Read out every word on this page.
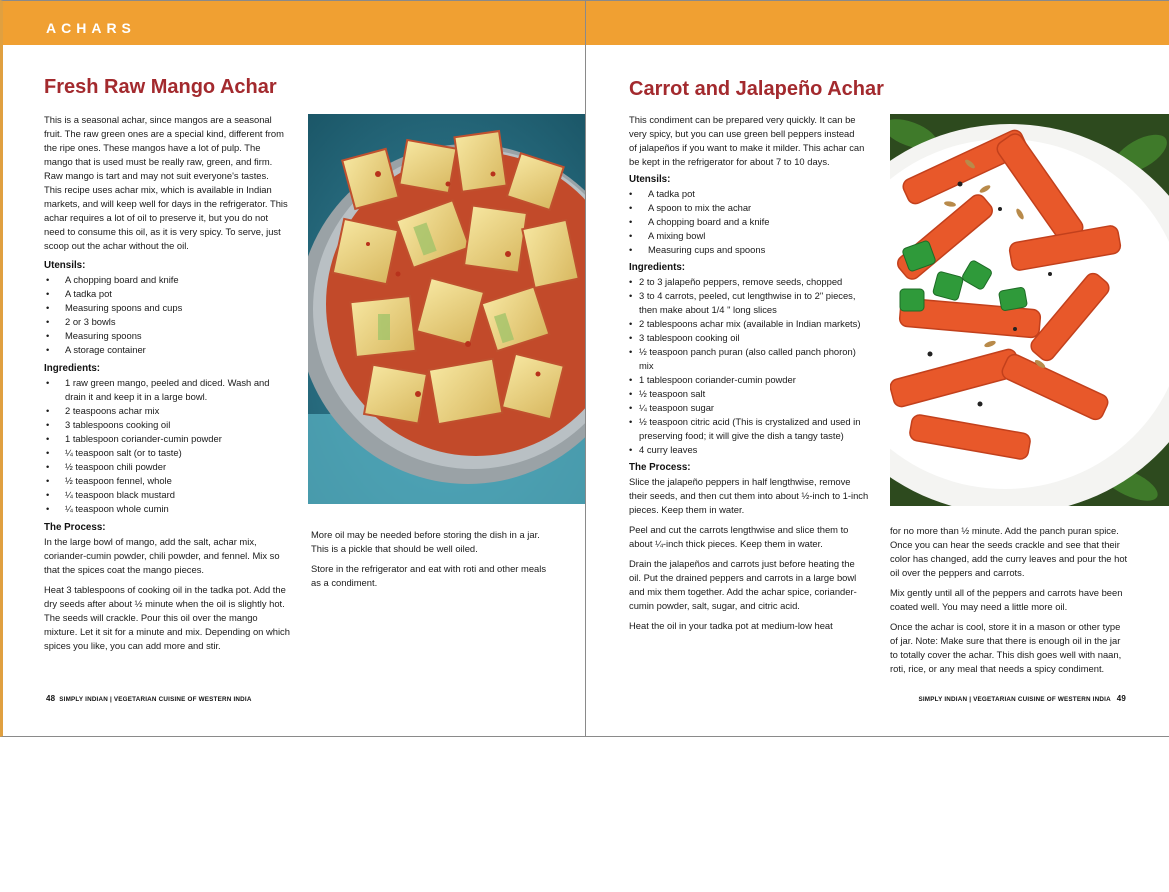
ACHARS
Fresh Raw Mango Achar

This is a seasonal achar, since mangos are a seasonal fruit. The raw green ones are a special kind, different from the ripe ones. These mangos have a lot of pulp. The mango that is used must be really raw, green, and firm. Raw mango is tart and may not suit everyone's tastes.
This recipe uses achar mix, which is available in Indian markets, and will keep well for days in the refrigerator. This achar requires a lot of oil to preserve it, but you do not need to consume this oil, as it is very spicy. To serve, just scoop out the achar without the oil.

Utensils:
• A chopping board and knife
• A tadka pot
• Measuring spoons and cups
• 2 or 3 bowls
• Measuring spoons
• A storage container
Ingredients:
• 1 raw green mango, peeled and diced. Wash and drain it and keep it in a large bowl.
• 2 teaspoons achar mix
• 3 tablespoons cooking oil
• 1 tablespoon coriander-cumin powder
• ¼ teaspoon salt (or to taste)
• ½ teaspoon chili powder
• ½ teaspoon fennel, whole
• ¼ teaspoon black mustard
• ¼ teaspoon whole cumin
The Process:

In the large bowl of mango, add the salt, achar mix, coriander-cumin powder, chili powder, and fennel. Mix so that the spices coat the mango pieces.

Heat 3 tablespoons of cooking oil in the tadka pot. Add the dry seeds after about ½ minute when the oil is slightly hot. The seeds will crackle. Pour this oil over the mango mixture. Let it sit for a minute and mix. Depending on which spices you like, you can add more and stir.

More oil may be needed before storing the dish in a jar. This is a pickle that should be well oiled.

Store in the refrigerator and eat with roti and other meals as a condiment.

48 SIMPLY INDIAN | VEGETARIAN CUISINE OF WESTERN INDIA
Carrot and Jalapeño Achar

This condiment can be prepared very quickly. It can be very spicy, but you can use green bell peppers instead
of jalapeños if you want to make it milder. This achar can be kept in the refrigerator for about 7 to 10 days.

Utensils:
• A tadka pot
• A spoon to mix the achar
• A chopping board and a knife
• A mixing bowl
• Measuring cups and spoons
Ingredients:
• 2 to 3 jalapeño peppers, remove seeds, chopped
• 3 to 4 carrots, peeled, cut lengthwise in to 2" pieces, then make about 1/4 " long slices
• 2 tablespoons achar mix (available in Indian markets)
• 3 tablespoon cooking oil
• ½ teaspoon panch puran (also called panch phoron) mix
• 1 tablespoon coriander-cumin powder
• ½ teaspoon salt
• ¼ teaspoon sugar
• ½ teaspoon citric acid (This is crystalized and used in preserving food; it will give the dish a tangy taste)
• 4 curry leaves
The Process:

Slice the jalapeño peppers in half lengthwise, remove their seeds, and then cut them into about ½-inch to 1-inch pieces. Keep them in water.

Peel and cut the carrots lengthwise and slice them to about ¼-inch thick pieces. Keep them in water.

Drain the jalapeños and carrots just before heating the oil. Put the drained peppers and carrots in a large bowl and mix them together. Add the achar spice, coriander-cumin powder, salt, sugar, and citric acid.

Heat the oil in your tadka pot at medium-low heat

for no more than ½ minute. Add the panch puran spice. Once you can hear the seeds crackle and see that their color has changed, add the curry leaves and pour the hot oil over the peppers and carrots.

Mix gently until all of the peppers and carrots have been coated well. You may need a little more oil.

Once the achar is cool, store it in a mason or other type of jar. Note: Make sure that there is enough oil in the jar to totally cover the achar. This dish goes well with naan, roti, rice, or any meal that needs a spicy condiment.

SIMPLY INDIAN | VEGETARIAN CUISINE OF WESTERN INDIA 49
